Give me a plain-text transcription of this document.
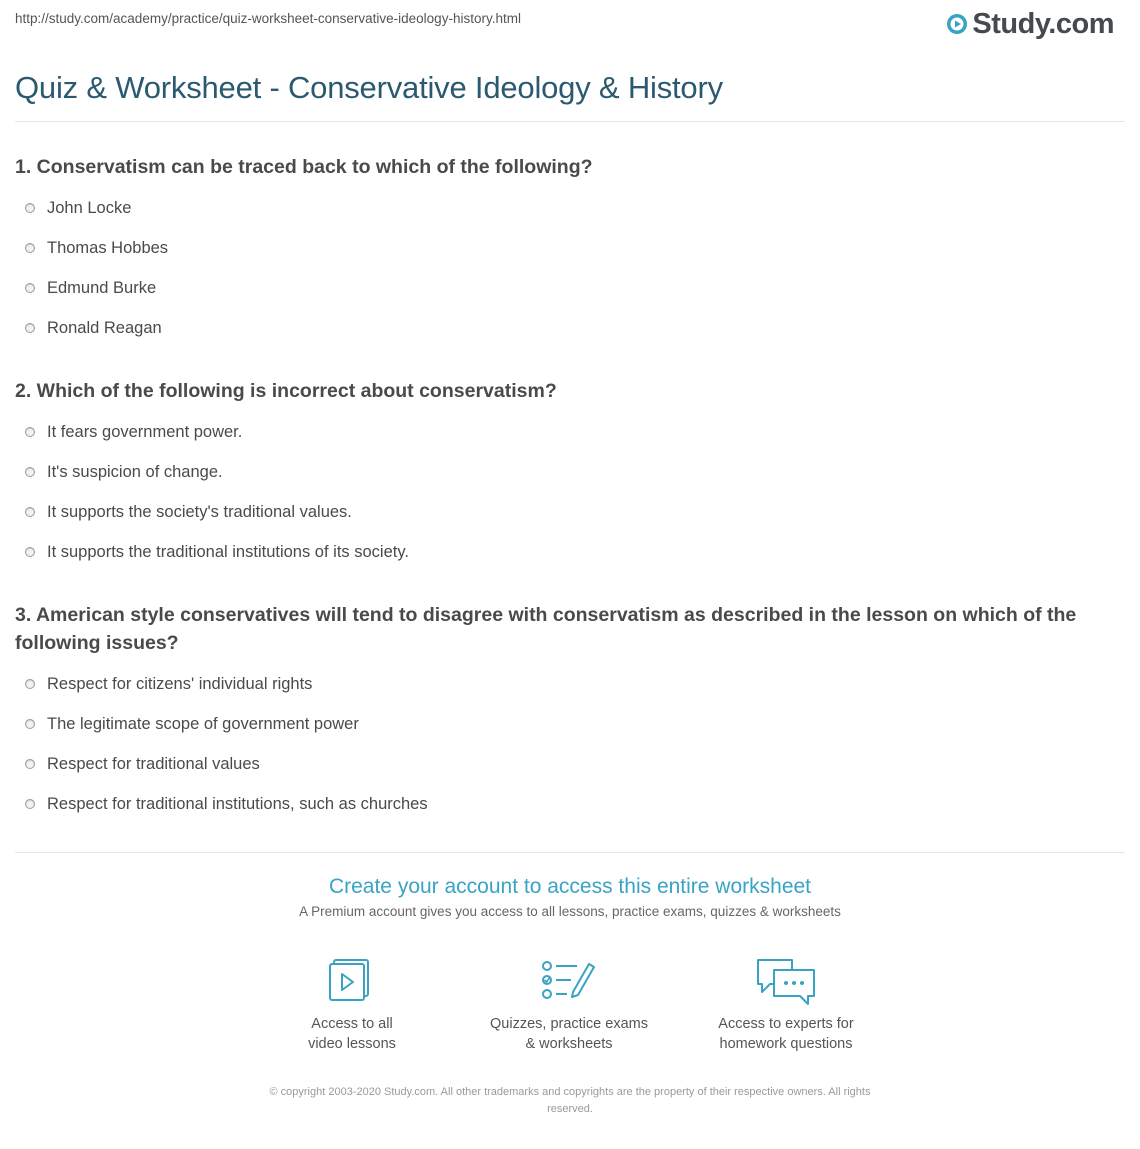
http://study.com/academy/practice/quiz-worksheet-conservative-ideology-history.html	Study.com
Quiz & Worksheet - Conservative Ideology & History

1. Conservatism can be traced back to which of the following?

John Locke
Thomas Hobbes
Edmund Burke
Ronald Reagan

2. Which of the following is incorrect about conservatism?

It fears government power.
It's suspicion of change.
It supports the society's traditional values.
It supports the traditional institutions of its society.

3. American style conservatives will tend to disagree with conservatism as described in the lesson on which of the following issues?

Respect for citizens' individual rights
The legitimate scope of government power
Respect for traditional values
Respect for traditional institutions, such as churches

Create your account to access this entire worksheet

A Premium account gives you access to all lessons, practice exams, quizzes & worksheets
Access to all
video lessons
Quizzes, practice exams
& worksheets
Access to experts for
homework questions
© copyright 2003-2020 Study.com. All other trademarks and copyrights are the property of their respective owners. All rights
reserved.
